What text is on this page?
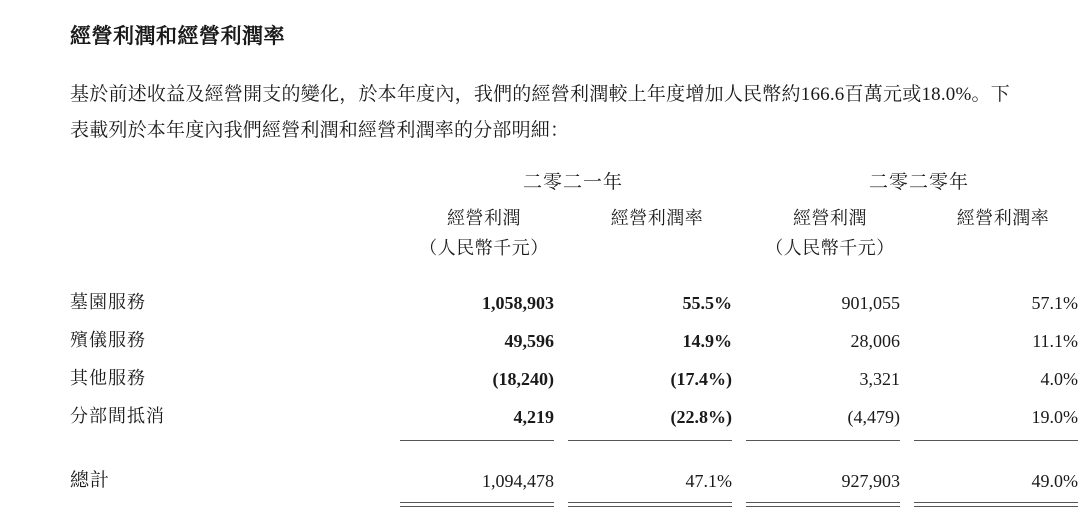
經營利潤和經營利潤率

基於前述收益及經營開支的變化，於本年度內，我們的經營利潤較上年度增加人民幣約166.6百萬元或18.0%。下表載列於本年度內我們經營利潤和經營利潤率的分部明細：

	二零二一年		二零二零年	
	經營利潤	經營利潤率	經營利潤	經營利潤率
	（人民幣千元）		（人民幣千元）	
墓園服務	1,058,903	55.5%	901,055	57.1%
殯儀服務	49,596	14.9%	28,006	11.1%
其他服務	(18,240)	(17.4%)	3,321	4.0%
分部間抵消	4,219	(22.8%)	(4,479)	19.0%

總計	1,094,478	47.1%	927,903	49.0%
